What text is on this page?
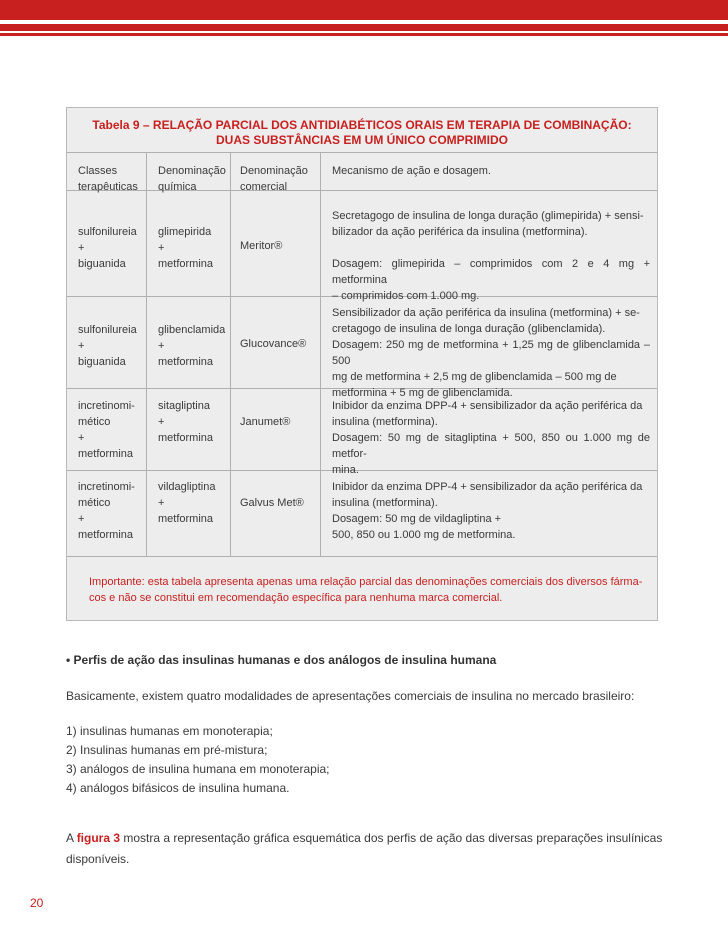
Tabela 9 – RELAÇÃO PARCIAL DOS ANTIDIABÉTICOS ORAIS EM TERAPIA DE COMBINAÇÃO:
DUAS SUBSTÂNCIAS EM UM ÚNICO COMPRIMIDO
Classes
terapêuticas
Denominação
química
Denominação
comercial
Mecanismo de ação e dosagem.
sulfonilureia
+
biguanida
glimepirida
+
metformina
Meritor®
Secretagogo de insulina de longa duração (glimepirida) + sensi-
bilizador da ação periférica da insulina (metformina).

Dosagem: glimepirida – comprimidos com 2 e 4 mg + metformina
– comprimidos com 1.000 mg.
sulfonilureia
+
biguanida
glibenclamida
+
metformina
Glucovance®
Sensibilizador da ação periférica da insulina (metformina) + se-
cretagogo de insulina de longa duração (glibenclamida).
Dosagem: 250 mg de metformina + 1,25 mg de glibenclamida – 500
mg de metformina + 2,5 mg de glibenclamida – 500 mg de
metformina + 5 mg de glibenclamida.
incretinomi-
mético
+
metformina
sitagliptina
+
metformina
Janumet®
Inibidor da enzima DPP-4 + sensibilizador da ação periférica da
insulina (metformina).
Dosagem: 50 mg de sitagliptina + 500, 850 ou 1.000 mg de metfor-
mina.
incretinomi-
mético
+
metformina
vildagliptina
+
metformina
Galvus Met®
Inibidor da enzima DPP-4 + sensibilizador da ação periférica da
insulina (metformina).
Dosagem: 50 mg de vildagliptina +
500, 850 ou 1.000 mg de metformina.
Importante: esta tabela apresenta apenas uma relação parcial das denominações comerciais dos diversos fárma-
cos e não se constitui em recomendação específica para nenhuma marca comercial.
• Perfis de ação das insulinas humanas e dos análogos de insulina humana
Basicamente, existem quatro modalidades de apresentações comerciais de insulina no mercado brasileiro:
1) insulinas humanas em monoterapia;
2) Insulinas humanas em pré-mistura;
3) análogos de insulina humana em monoterapia;
4) análogos bifásicos de insulina humana.
A figura 3 mostra a representação gráfica esquemática dos perfis de ação das diversas preparações insulínicas
disponíveis.
20
